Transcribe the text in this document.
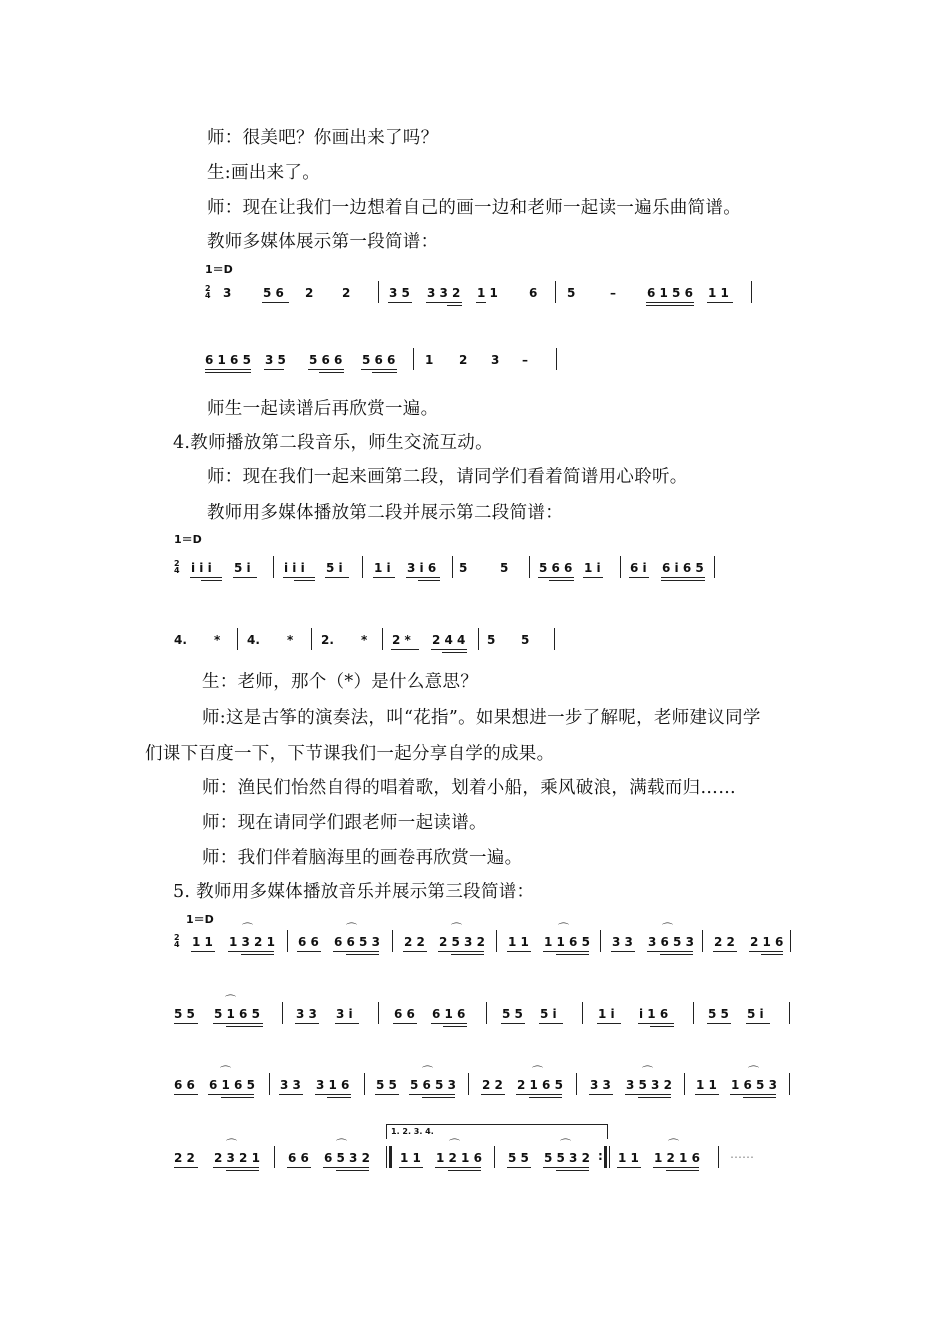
师：很美吧？你画出来了吗？
生:画出来了。
师：现在让我们一边想着自己的画一边和老师一起读一遍乐曲简谱。
教师多媒体展示第一段简谱：
1＝D
2
4 3	5 6 2 2	3 5 3 3 2 1 1	6 5	–	6 1 5 6 1 1
6 1 6 5 3 5 5 6 6 5 6 6 1 2 3 –
师生一起读谱后再欣赏一遍。
4.教师播放第二段音乐，师生交流互动。
师：现在我们一起来画第二段，请同学们看着简谱用心聆听。
教师用多媒体播放第二段并展示第二段简谱：
1＝D
2
4 i i i 5 i	i i i 5 i	1 i 3 i 6 5	5	5 6 6 1 i 6 i 6 i 6 5
4. * 4. * 2. * 2 * 2 4 4 5 5
生：老师，那个（*）是什么意思？
师:这是古筝的演奏法，叫“花指”。如果想进一步了解呢，老师建议同学
们课下百度一下，下节课我们一起分享自学的成果。
师：渔民们怡然自得的唱着歌，划着小船，乘风破浪，满载而归……
师：现在请同学们跟老师一起读谱。
师：我们伴着脑海里的画卷再欣赏一遍。
5. 教师用多媒体播放音乐并展示第三段简谱：
1＝D
2
4 1 1
⌒
1 3 2 1 6 6
⌒
6 6 5 3 2 2
⌒
2 5 3 2 1 1
⌒
1 1 6 5 3 3
⌒
3 6 5 3 2 2 2 1 6
5 5
⌒
5 1 6 5	3 3 3 i	6 6 6 1 6	5 5 5 i	1 i i 1 6	5 5 5 i
6 6
⌒
6 1 6 5 3 3 3 1 6 5 5
⌒
5 6 5 3 2 2
⌒
2 1 6 5 3 3
⌒
3 5 3 2 1 1
⌒
1 6 5 3
1. 2. 3. 4.
2 2
⌒
2 3 2 1 6 6
⌒
6 5 3 2	1 1
⌒
1 2 1 6 5 5
⌒
5 5 3 2 : 1 1
⌒
1 2 1 6	……
